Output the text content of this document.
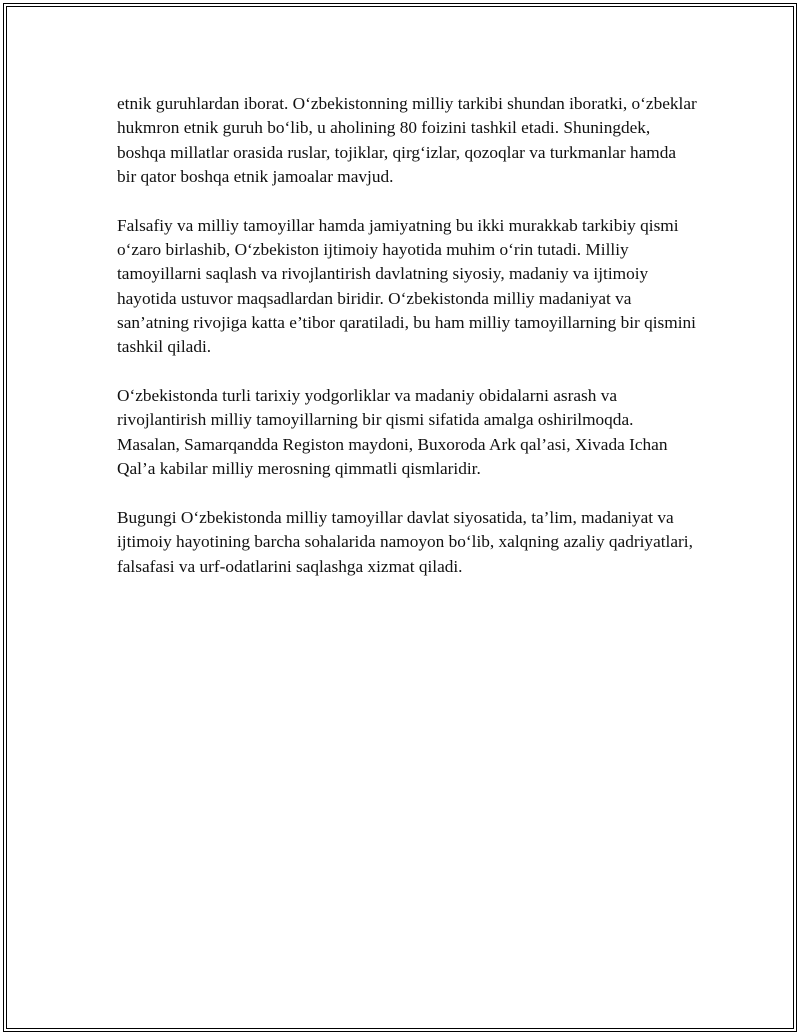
etnik guruhlardan iborat. O‘zbekistonning milliy tarkibi shundan iboratki, o‘zbeklar hukmron etnik guruh bo‘lib, u aholining 80 foizini tashkil etadi. Shuningdek, boshqa millatlar orasida ruslar, tojiklar, qirg‘izlar, qozoqlar va turkmanlar hamda bir qator boshqa etnik jamoalar mavjud.

Falsafiy va milliy tamoyillar hamda jamiyatning bu ikki murakkab tarkibiy qismi o‘zaro birlashib, O‘zbekiston ijtimoiy hayotida muhim o‘rin tutadi. Milliy tamoyillarni saqlash va rivojlantirish davlatning siyosiy, madaniy va ijtimoiy hayotida ustuvor maqsadlardan biridir. O‘zbekistonda milliy madaniyat va san’atning rivojiga katta e’tibor qaratiladi, bu ham milliy tamoyillarning bir qismini tashkil qiladi.

O‘zbekistonda turli tarixiy yodgorliklar va madaniy obidalarni asrash va rivojlantirish milliy tamoyillarning bir qismi sifatida amalga oshirilmoqda. Masalan, Samarqandda Registon maydoni, Buxoroda Ark qal’asi, Xivada Ichan Qal’a kabilar milliy merosning qimmatli qismlaridir.

Bugungi O‘zbekistonda milliy tamoyillar davlat siyosatida, ta’lim, madaniyat va ijtimoiy hayotining barcha sohalarida namoyon bo‘lib, xalqning azaliy qadriyatlari, falsafasi va urf-odatlarini saqlashga xizmat qiladi.
